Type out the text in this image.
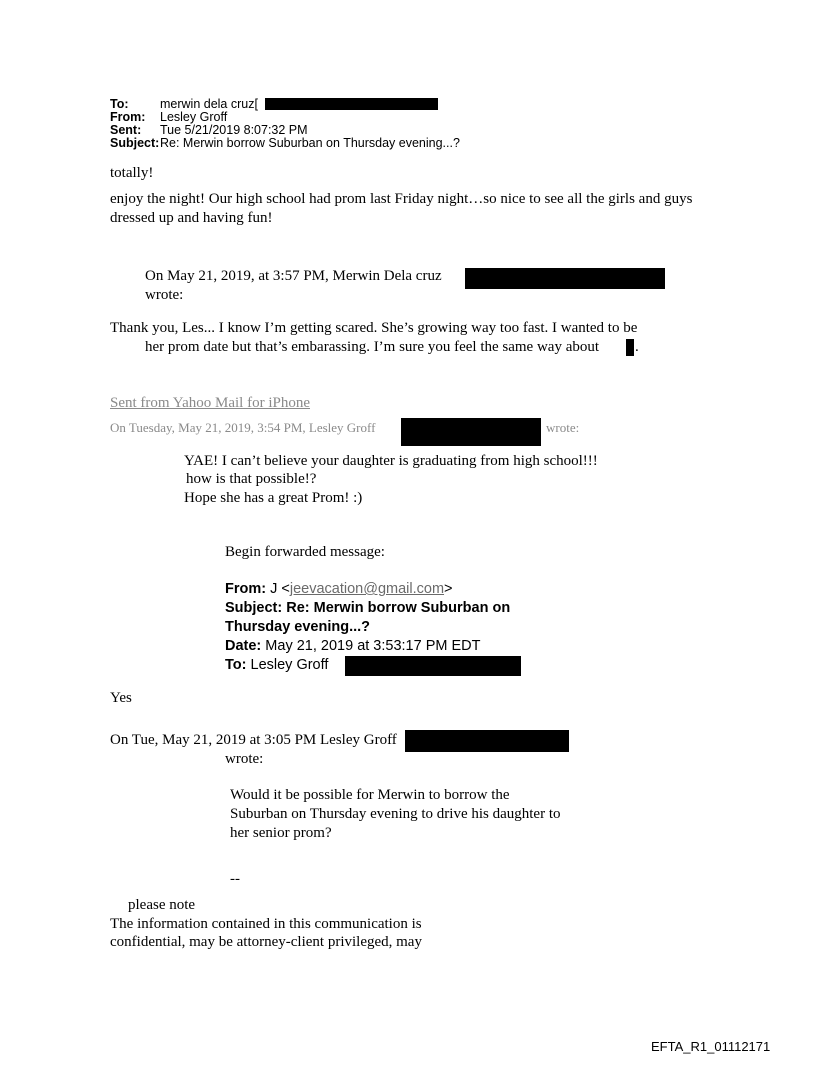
To:	merwin dela cruz[
From: Lesley Groff
Sent: Tue 5/21/2019 8:07:32 PM
Subject: Re: Merwin borrow Suburban on Thursday evening...?
totally!
enjoy the night! Our high school had prom last Friday night…so nice to see all the girls and guys
dressed up and having fun!
On May 21, 2019, at 3:57 PM, Merwin Dela cruz
wrote:
Thank you, Les... I know I’m getting scared. She’s growing way too fast. I wanted to be
her prom date but that’s embarassing. I’m sure you feel the same way about .
Sent from Yahoo Mail for iPhone
On Tuesday, May 21, 2019, 3:54 PM, Lesley Groff	wrote:
YAE! I can’t believe your daughter is graduating from high school!!!
how is that possible!?
Hope she has a great Prom! :)
Begin forwarded message:
From: J <jeevacation@gmail.com>
Subject: Re: Merwin borrow Suburban on
Thursday evening...?
Date: May 21, 2019 at 3:53:17 PM EDT
To: Lesley Groff
Yes
On Tue, May 21, 2019 at 3:05 PM Lesley Groff
wrote:
Would it be possible for Merwin to borrow the
Suburban on Thursday evening to drive his daughter to
her senior prom?
--
please note
The information contained in this communication is
confidential, may be attorney-client privileged, may
EFTA_R1_01112171
